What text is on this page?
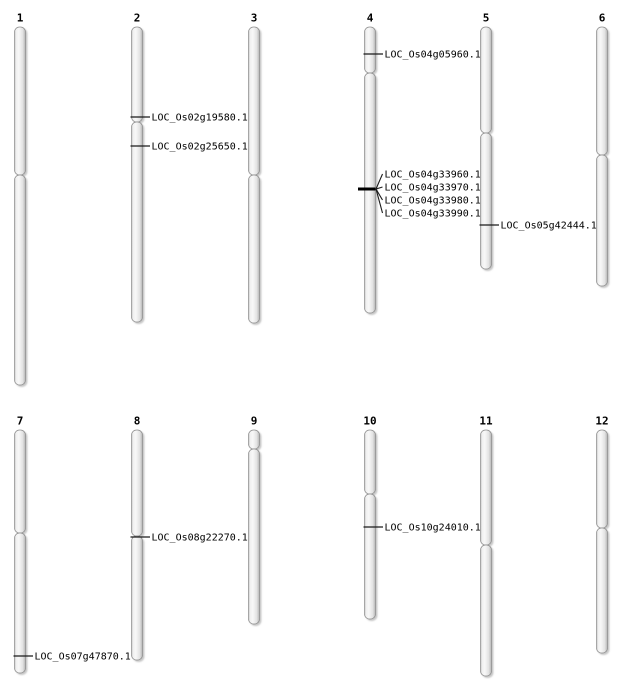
1	2
LOC_Os02g19580.1
LOC_Os02g25650.1
3	4
LOC_Os04g05960.1
LOC_Os04g33960.1
LOC_Os04g33970.1
LOC_Os04g33980.1
LOC_Os04g33990.1
5
LOC_Os05g42444.1
6
7
LOC_Os07g47870.1
8
LOC_Os08g22270.1
9	10
LOC_Os10g24010.1
11	12
